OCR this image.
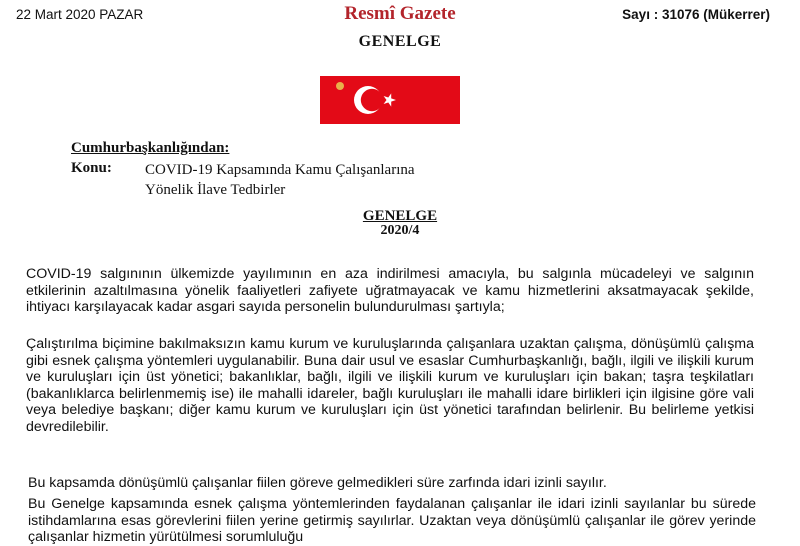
22 Mart 2020 PAZAR	Resmî Gazete	Sayı : 31076 (Mükerrer)
GENELGE
Cumhurbaşkanlığından:
Konu: COVID-19 Kapsamında Kamu Çalışanlarına
Yönelik İlave Tedbirler
GENELGE
2020/4
COVID-19 salgınının ülkemizde yayılımının en aza indirilmesi amacıyla, bu salgınla mücadeleyi ve salgının etkilerinin azaltılmasına yönelik faaliyetleri zafiyete uğratmayacak ve kamu hizmetlerini aksatmayacak şekilde, ihtiyacı karşılayacak kadar asgari sayıda personelin bulundurulması şartıyla;
Çalıştırılma biçimine bakılmaksızın kamu kurum ve kuruluşlarında çalışanlara uzaktan çalışma, dönüşümlü çalışma gibi esnek çalışma yöntemleri uygulanabilir. Buna dair usul ve esaslar Cumhurbaşkanlığı, bağlı, ilgili ve ilişkili kurum ve kuruluşları için üst yönetici; bakanlıklar, bağlı, ilgili ve ilişkili kurum ve kuruluşları için bakan; taşra teşkilatları (bakanlıklarca belirlenmemiş ise) ile mahalli idareler, bağlı kuruluşları ile mahalli idare birlikleri için ilgisine göre vali veya belediye başkanı; diğer kamu kurum ve kuruluşları için üst yönetici tarafından belirlenir. Bu belirleme yetkisi devredilebilir.
Bu kapsamda dönüşümlü çalışanlar fiilen göreve gelmedikleri süre zarfında idari izinli sayılır.
Bu Genelge kapsamında esnek çalışma yöntemlerinden faydalanan çalışanlar ile idari izinli sayılanlar bu sürede istihdamlarına esas görevlerini fiilen yerine getirmiş sayılırlar. Uzaktan veya dönüşümlü çalışanlar ile görev yerinde çalışanlar hizmetin yürütülmesi sorumluluğu
